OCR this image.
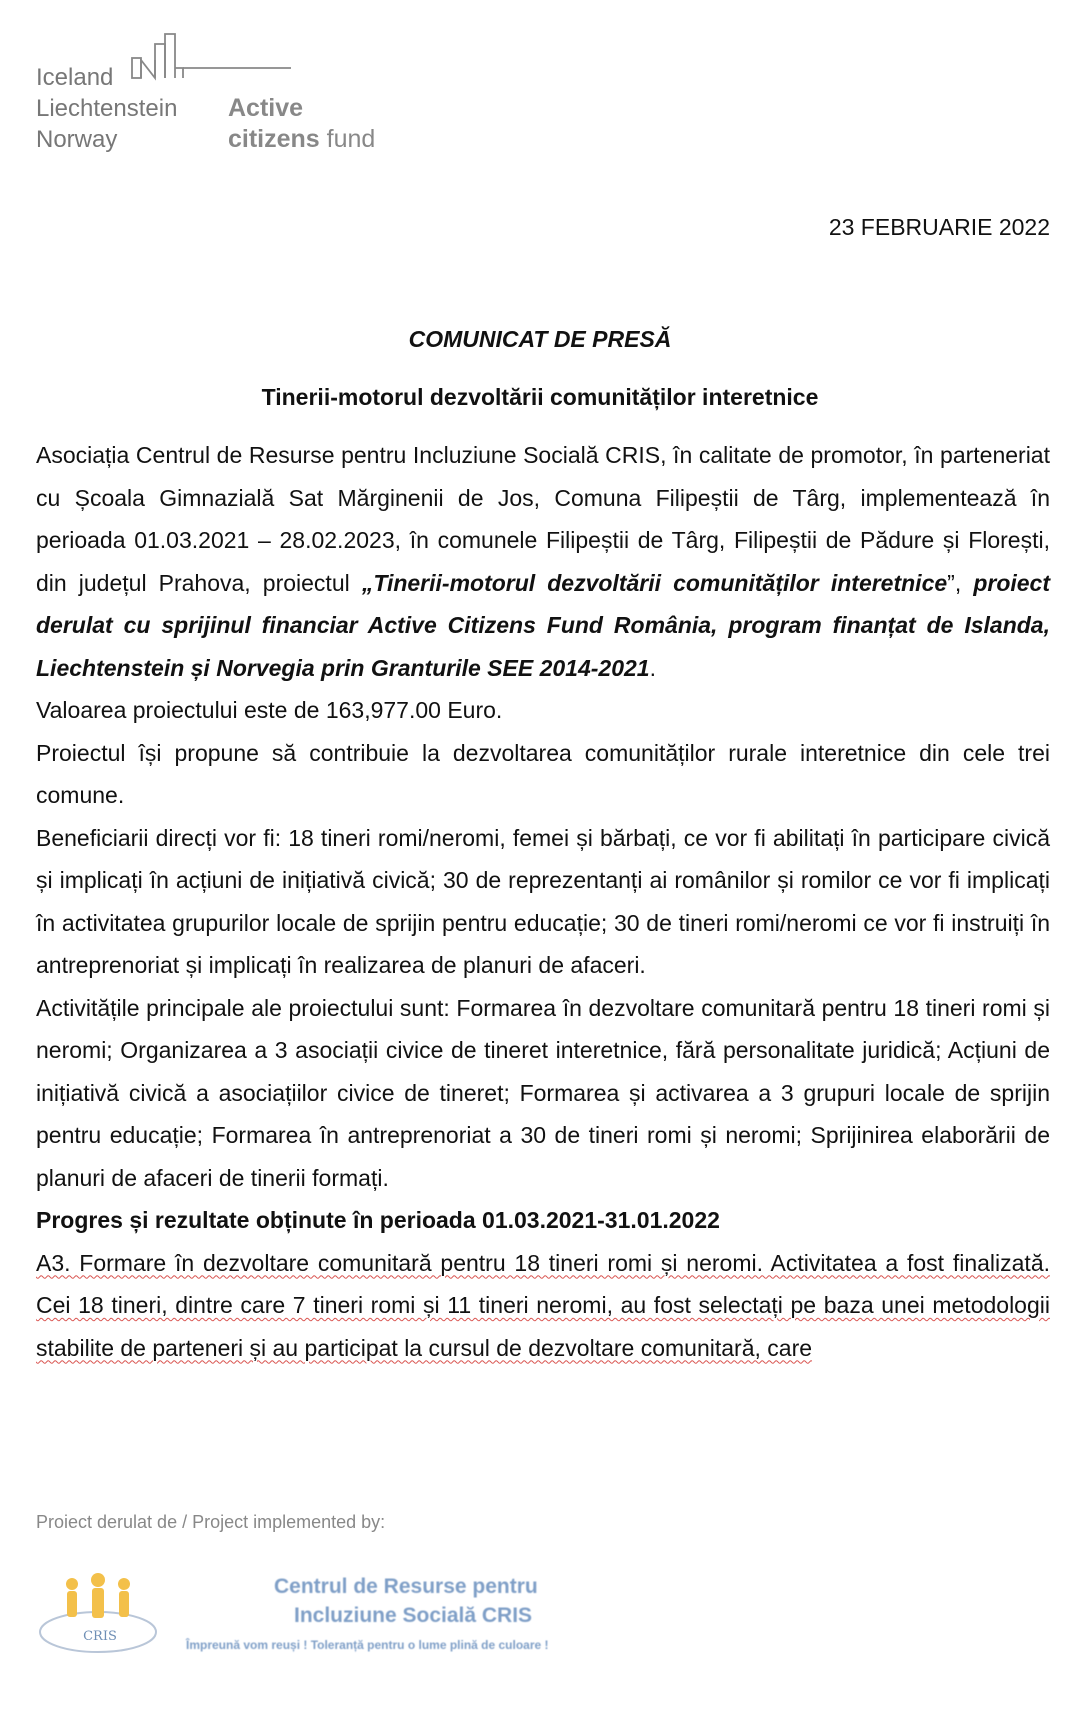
Iceland
Liechtenstein
Norway
Active
citizens fund
23 FEBRUARIE 2022
COMUNICAT DE PRESĂ
Tinerii-motorul dezvoltării comunităților interetnice

Asociația Centrul de Resurse pentru Incluziune Socială CRIS, în calitate de promotor, în parteneriat cu Școala Gimnazială Sat Mărginenii de Jos, Comuna Filipeștii de Târg, implementează în perioada 01.03.2021 – 28.02.2023, în comunele Filipeștii de Târg, Filipeștii de Pădure și Florești, din județul Prahova, proiectul „Tinerii-motorul dezvoltării comunităților interetnice”, proiect derulat cu sprijinul financiar Active Citizens Fund România, program finanțat de Islanda, Liechtenstein și Norvegia prin Granturile SEE 2014-2021.

Valoarea proiectului este de 163,977.00 Euro.

Proiectul își propune să contribuie la dezvoltarea comunităților rurale interetnice din cele trei comune.

Beneficiarii direcți vor fi: 18 tineri romi/neromi, femei și bărbați, ce vor fi abilitați în participare civică și implicați în acțiuni de inițiativă civică; 30 de reprezentanți ai românilor și romilor ce vor fi implicați în activitatea grupurilor locale de sprijin pentru educație; 30 de tineri romi/neromi ce vor fi instruiți în antreprenoriat și implicați în realizarea de planuri de afaceri.

Activitățile principale ale proiectului sunt: Formarea în dezvoltare comunitară pentru 18 tineri romi și neromi; Organizarea a 3 asociații civice de tineret interetnice, fără personalitate juridică; Acțiuni de inițiativă civică a asociațiilor civice de tineret; Formarea și activarea a 3 grupuri locale de sprijin pentru educație; Formarea în antreprenoriat a 30 de tineri romi și neromi; Sprijinirea elaborării de planuri de afaceri de tinerii formați.

Progres și rezultate obținute în perioada 01.03.2021-31.01.2022

A3. Formare în dezvoltare comunitară pentru 18 tineri romi și neromi. Activitatea a fost finalizată. Cei 18 tineri, dintre care 7 tineri romi și 11 tineri neromi, au fost selectați pe baza unei metodologii stabilite de parteneri și au participat la cursul de dezvoltare comunitară, care

Proiect derulat de / Project implemented by:
CRIS
Centrul de Resurse pentru
Incluziune Socială CRIS
Împreună vom reuși ! Toleranță pentru o lume plină de culoare !
